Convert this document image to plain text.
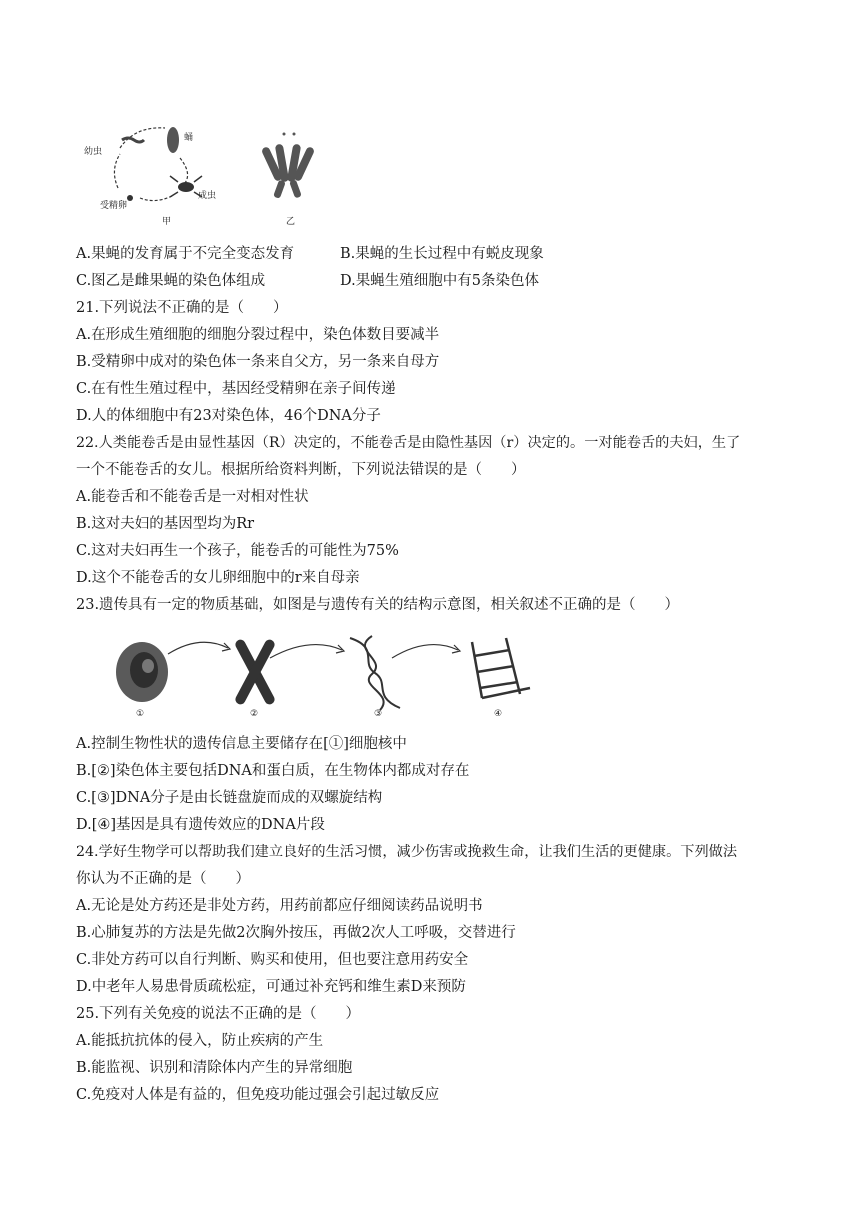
蛹
幼虫
成虫
受精卵
甲	乙
A.果蝇的发育属于不完全变态发育	B.果蝇的生长过程中有蜕皮现象
C.图乙是雌果蝇的染色体组成	D.果蝇生殖细胞中有5条染色体
21.下列说法不正确的是（　　）
A.在形成生殖细胞的细胞分裂过程中，染色体数目要减半
B.受精卵中成对的染色体一条来自父方，另一条来自母方
C.在有性生殖过程中，基因经受精卵在亲子间传递
D.人的体细胞中有23对染色体，46个DNA分子
22.人类能卷舌是由显性基因（R）决定的，不能卷舌是由隐性基因（r）决定的。一对能卷舌的夫妇，生了
一个不能卷舌的女儿。根据所给资料判断，下列说法错误的是（　　）
A.能卷舌和不能卷舌是一对相对性状
B.这对夫妇的基因型均为Rr
C.这对夫妇再生一个孩子，能卷舌的可能性为75%
D.这个不能卷舌的女儿卵细胞中的r来自母亲
23.遗传具有一定的物质基础，如图是与遗传有关的结构示意图，相关叙述不正确的是（　　）
①	②	③	④
A.控制生物性状的遗传信息主要储存在[①]细胞核中
B.[②]染色体主要包括DNA和蛋白质，在生物体内都成对存在
C.[③]DNA分子是由长链盘旋而成的双螺旋结构
D.[④]基因是具有遗传效应的DNA片段
24.学好生物学可以帮助我们建立良好的生活习惯，减少伤害或挽救生命，让我们生活的更健康。下列做法
你认为不正确的是（　　）
A.无论是处方药还是非处方药，用药前都应仔细阅读药品说明书
B.心肺复苏的方法是先做2次胸外按压，再做2次人工呼吸，交替进行
C.非处方药可以自行判断、购买和使用，但也要注意用药安全
D.中老年人易患骨质疏松症，可通过补充钙和维生素D来预防
25.下列有关免疫的说法不正确的是（　　）
A.能抵抗抗体的侵入，防止疾病的产生
B.能监视、识别和清除体内产生的异常细胞
C.免疫对人体是有益的，但免疫功能过强会引起过敏反应
